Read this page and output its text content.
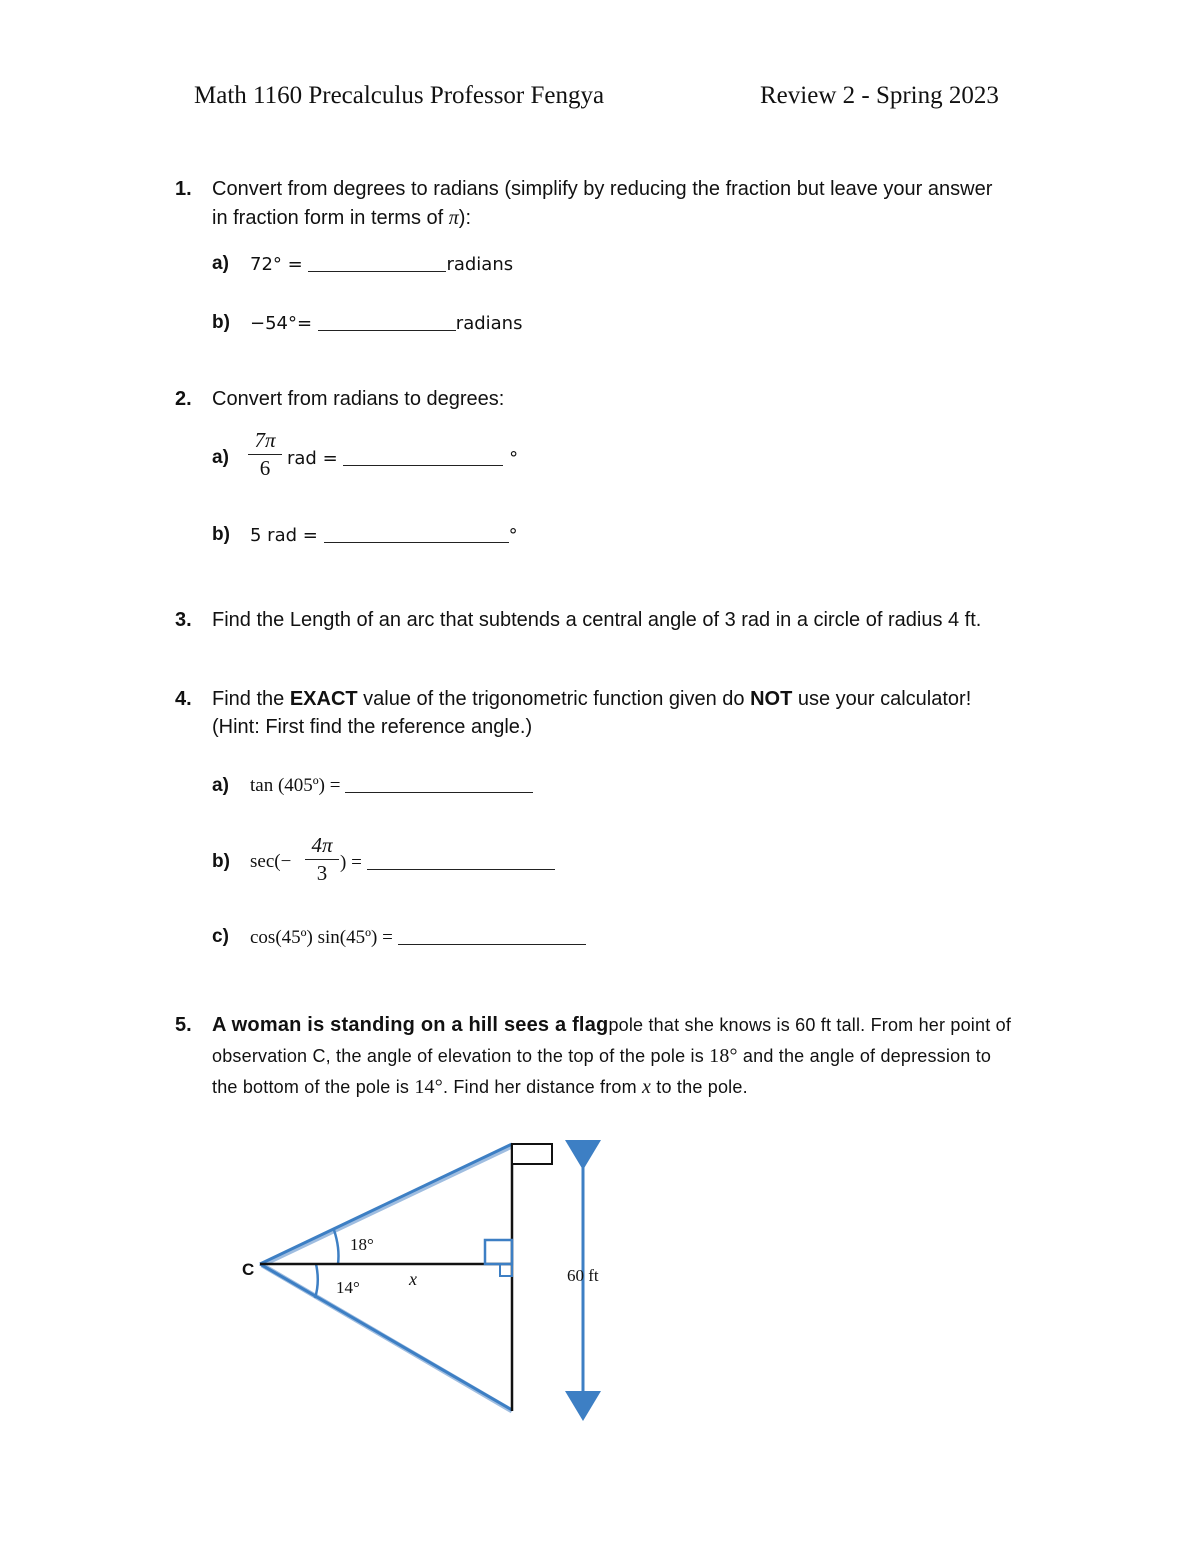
Math 1160 Precalculus Professor Fengya	Review 2 - Spring 2023
1. Convert from degrees to radians (simplify by reducing the fraction but leave your answer
in fraction form in terms of π):
a) 72° =	radians
b) −54°=	radians
2. Convert from radians to degrees:
a)
7π
6 rad =	°
b) 5 rad =	°
3. Find the Length of an arc that subtends a central angle of 3 rad in a circle of radius 4 ft.
4. Find the EXACT value of the trigonometric function given do NOT use your calculator!
(Hint: First find the reference angle.)
a) tan (405º) =
b) sec(−
4π
3 ) =
c) cos(45º) sin(45º) =
5. A woman is standing on a hill sees a flagpole that she knows is 60 ft tall. From her point of
observation C, the angle of elevation to the top of the pole is 18° and the angle of depression to
the bottom of the pole is 14°. Find her distance from x to the pole.
C
18°
14°	x	60 ft
